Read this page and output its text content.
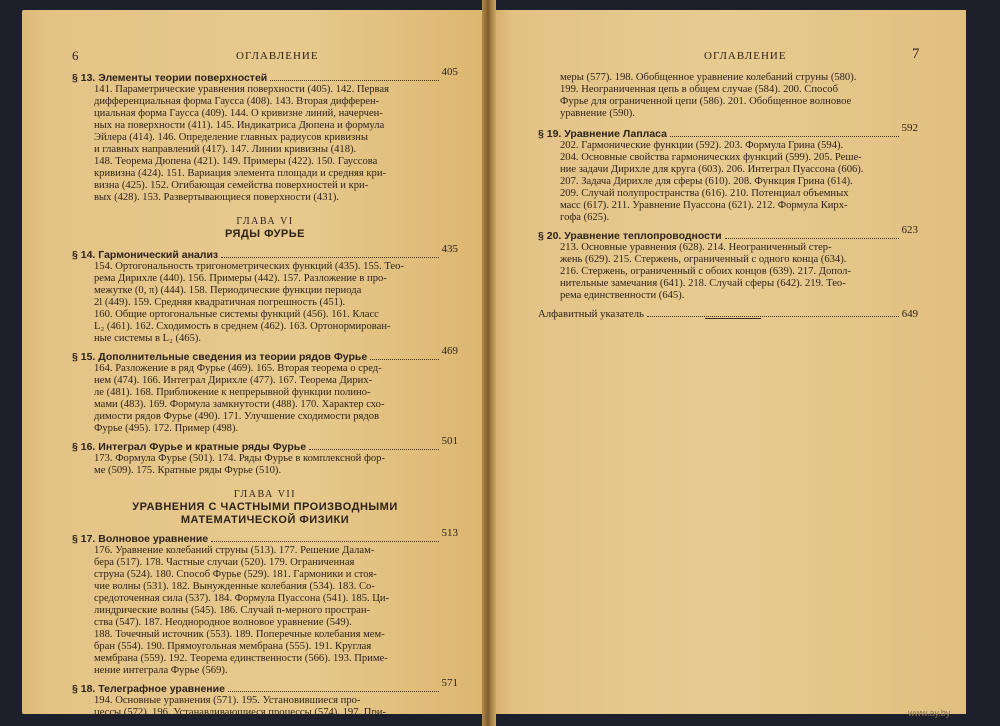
6	ОГЛАВЛЕНИЕ
§ 13. Элементы теории поверхностей	405
141. Параметрические уравнения поверхности (405). 142. Первая
дифференциальная форма Гаусса (408). 143. Вторая дифферен-
циальная форма Гаусса (409). 144. О кривизне линий, начерчен-
ных на поверхности (411). 145. Индикатриса Дюпена и формула
Эйлера (414). 146. Определение главных радиусов кривизны
и главных направлений (417). 147. Линии кривизны (418).
148. Теорема Дюпена (421). 149. Примеры (422). 150. Гауссова
кривизна (424). 151. Вариация элемента площади и средняя кри-
визна (425). 152. Огибающая семейства поверхностей и кри-
вых (428). 153. Развертывающиеся поверхности (431).
ГЛАВА VI
РЯДЫ ФУРЬЕ
§ 14. Гармонический анализ	435
154. Ортогональность тригонометрических функций (435). 155. Тео-
рема Дирихле (440). 156. Примеры (442). 157. Разложение в про-
межутке (0, π) (444). 158. Периодические функции периода
2l (449). 159. Средняя квадратичная погрешность (451).
160. Общие ортогональные системы функций (456). 161. Класс
L₂ (461). 162. Сходимость в среднем (462). 163. Ортонормирован-
ные системы в L₂ (465).
§ 15. Дополнительные сведения из теории рядов Фурье	469
164. Разложение в ряд Фурье (469). 165. Вторая теорема о сред-
нем (474). 166. Интеграл Дирихле (477). 167. Теорема Дирих-
ле (481). 168. Приближение к непрерывной функции полино-
мами (483). 169. Формула замкнутости (488). 170. Характер схо-
димости рядов Фурье (490). 171. Улучшение сходимости рядов
Фурье (495). 172. Пример (498).
§ 16. Интеграл Фурье и кратные ряды Фурье	501
173. Формула Фурье (501). 174. Ряды Фурье в комплексной фор-
ме (509). 175. Кратные ряды Фурье (510).
ГЛАВА VII
УРАВНЕНИЯ С ЧАСТНЫМИ ПРОИЗВОДНЫМИ
МАТЕМАТИЧЕСКОЙ ФИЗИКИ
§ 17. Волновое уравнение	513
176. Уравнение колебаний струны (513). 177. Решение Далам-
бера (517). 178. Частные случаи (520). 179. Ограниченная
струна (524). 180. Способ Фурье (529). 181. Гармоники и стоя-
чие волны (531). 182. Вынужденные колебания (534). 183. Со-
средоточенная сила (537). 184. Формула Пуассона (541). 185. Ци-
линдрические волны (545). 186. Случай n-мерного простран-
ства (547). 187. Неоднородное волновое уравнение (549).
188. Точечный источник (553). 189. Поперечные колебания мем-
бран (554). 190. Прямоугольная мембрана (555). 191. Круглая
мембрана (559). 192. Теорема единственности (566). 193. Приме-
нение интеграла Фурье (569).
§ 18. Телеграфное уравнение	571
194. Основные уравнения (571). 195. Установившиеся про-
цессы (572). 196. Устанавливающиеся процессы (574). 197. При-
ОГЛАВЛЕНИЕ	7
меры (577). 198. Обобщенное уравнение колебаний струны (580).
199. Неограниченная цепь в общем случае (584). 200. Способ
Фурье для ограниченной цепи (586). 201. Обобщенное волновое
уравнение (590).
§ 19. Уравнение Лапласа	592
202. Гармонические функции (592). 203. Формула Грина (594).
204. Основные свойства гармонических функций (599). 205. Реше-
ние задачи Дирихле для круга (603). 206. Интеграл Пуассона (606).
207. Задача Дирихле для сферы (610). 208. Функция Грина (614).
209. Случай полупространства (616). 210. Потенциал объемных
масс (617). 211. Уравнение Пуассона (621). 212. Формула Кирх-
гофа (625).
§ 20. Уравнение теплопроводности	623
213. Основные уравнения (628). 214. Неограниченный стер-
жень (629). 215. Стержень, ограниченный с одного конца (634).
216. Стержень, ограниченный с обоих концов (639). 217. Допол-
нительные замечания (641). 218. Случай сферы (642). 219. Тео-
рема единственности (645).
Алфавитный указатель	649
www.ay.by
